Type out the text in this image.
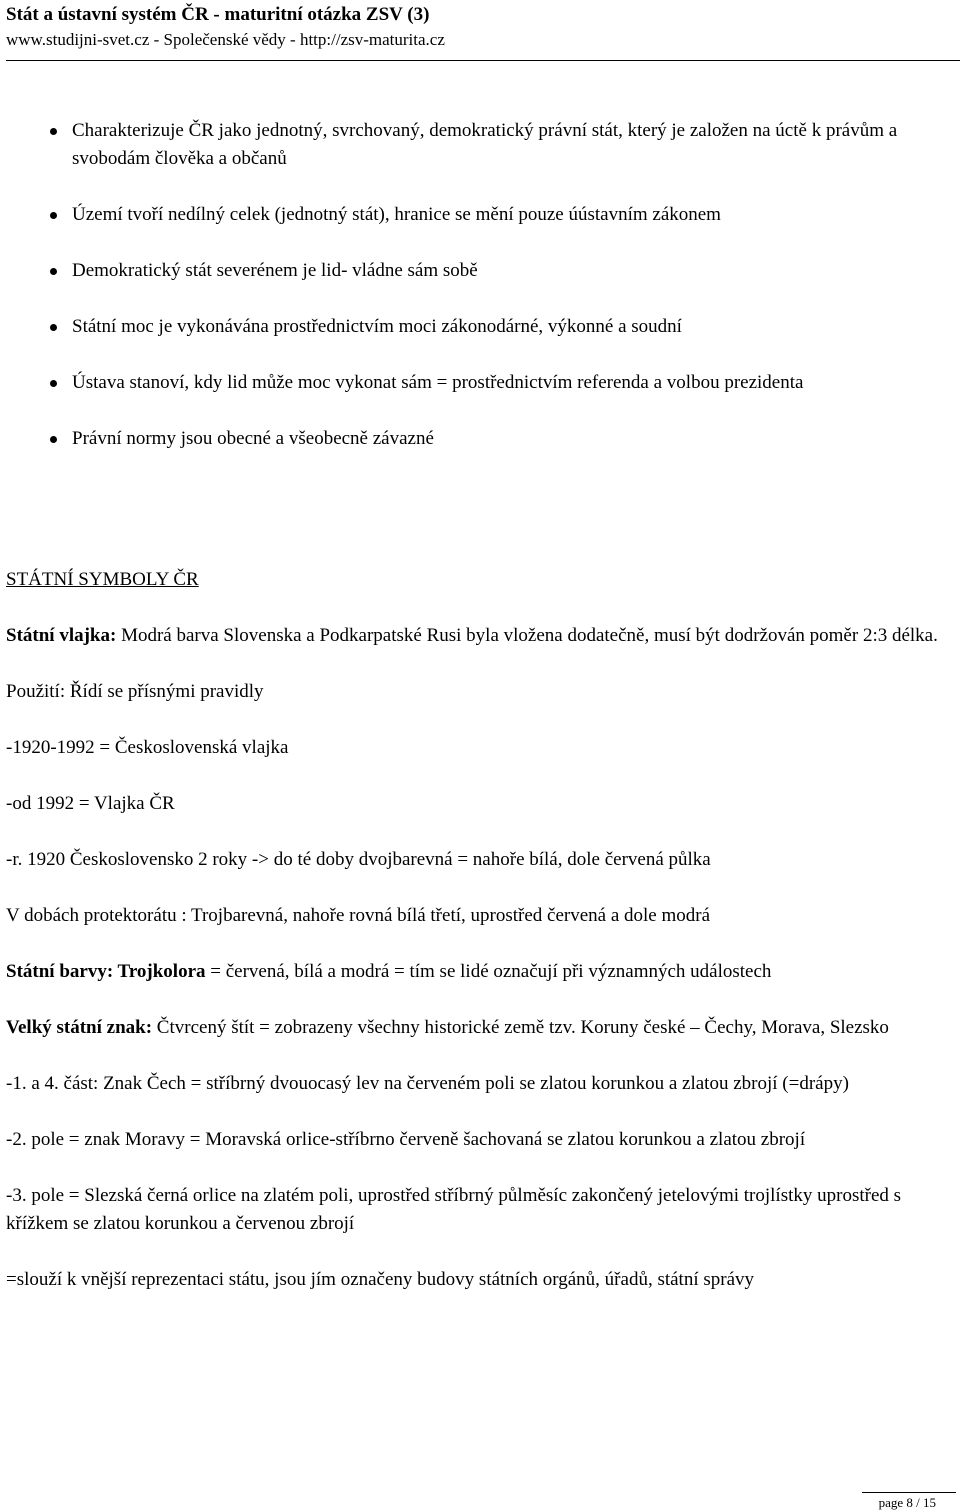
Stát a ústavní systém ČR - maturitní otázka ZSV (3)
www.studijni-svet.cz - Společenské vědy - http://zsv-maturita.cz
Charakterizuje ČR jako jednotný, svrchovaný, demokratický právní stát, který je založen na úctě k právům a svobodám člověka a občanů
Území tvoří nedílný celek (jednotný stát), hranice se mění pouze úústavním zákonem
Demokratický stát severénem je lid- vládne sám sobě
Státní moc je vykonávána prostřednictvím moci zákonodárné, výkonné a soudní
Ústava stanoví, kdy lid může moc vykonat sám = prostřednictvím referenda a volbou prezidenta
Právní normy jsou obecné a všeobecně závazné
STÁTNÍ SYMBOLY ČR

Státní vlajka: Modrá barva Slovenska a Podkarpatské Rusi byla vložena dodatečně, musí být dodržován poměr 2:3 délka.

Použití: Řídí se přísnými pravidly

-1920-1992 = Československá vlajka

-od 1992 = Vlajka ČR

-r. 1920 Československo 2 roky -> do té doby dvojbarevná = nahoře bílá, dole červená půlka

V dobách protektorátu : Trojbarevná, nahoře rovná bílá třetí, uprostřed červená a dole modrá

Státní barvy: Trojkolora = červená, bílá a modrá = tím se lidé označují při významných událostech

Velký státní znak: Čtvrcený štít = zobrazeny všechny historické země tzv. Koruny české – Čechy, Morava, Slezsko

-1. a 4. část: Znak Čech = stříbrný dvouocasý lev na červeném poli se zlatou korunkou a zlatou zbrojí (=drápy)

-2. pole = znak Moravy = Moravská orlice-stříbrno červeně šachovaná se zlatou korunkou a zlatou zbrojí

-3. pole = Slezská černá orlice na zlatém poli, uprostřed stříbrný půlměsíc zakončený jetelovými trojlístky uprostřed s křížkem se zlatou korunkou a červenou zbrojí

=slouží k vnější reprezentaci státu, jsou jím označeny budovy státních orgánů, úřadů, státní správy

page 8 / 15
